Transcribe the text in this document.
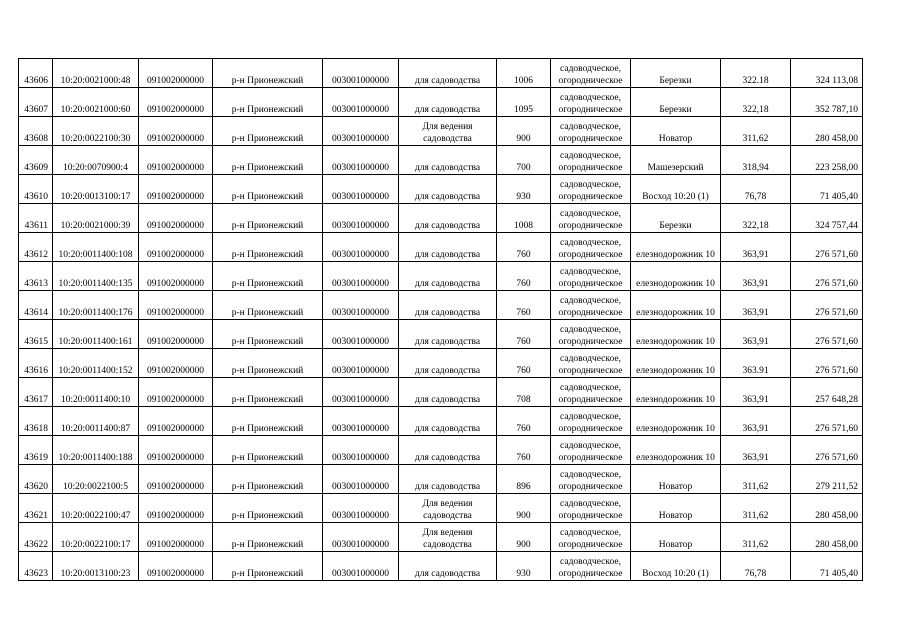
43606	10:20:0021000:48	091002000000	р-н Прионежский	003001000000	для садоводства	1006	садоводческое,
огородническое	Березки	322.18	324 113,08
43607	10:20:0021000:60	091002000000	р-н Прионежский	003001000000	для садоводства	1095	садоводческое,
огородническое	Березки	322,18	352 787,10
43608	10:20:0022100:30	091002000000	р-н Прионежский	003001000000	Для ведения садоводства	900	садоводческое,
огородническое	Новатор	311,62	280 458,00
43609	10:20:0070900:4	091002000000	р-н Прионежский	003001000000	для садоводства	700	садоводческое,
огородническое	Машезерский	318,94	223 258,00
43610	10:20:0013100:17	091002000000	р-н Прионежский	003001000000	для садоводства	930	садоводческое,
огородническое	Восход 10:20 (1)	76,78	71 405,40
43611	10:20:0021000:39	091002000000	р-н Прионежский	003001000000	для садоводства	1008	садоводческое,
огородническое	Березки	322,18	324 757,44
43612	10:20:0011400:108	091002000000	р-н Прионежский	003001000000	для садоводства	760	садоводческое,
огородническое	елезнодорожник 10	363,91	276 571,60
43613	10:20:0011400:135	091002000000	р-н Прионежский	003001000000	для садоводства	760	садоводческое,
огородническое	елезнодорожник 10	363,91	276 571,60
43614	10:20:0011400:176	091002000000	р-н Прионежский	003001000000	для садоводства	760	садоводческое,
огородническое	елезнодорожник 10	363,91	276 571,60
43615	10:20:0011400:161	091002000000	р-н Прионежский	003001000000	для садоводства	760	садоводческое,
огородническое	елезнодорожник 10	363,91	276 571,60
43616	10:20:0011400:152	091002000000	р-н Прионежский	003001000000	для садоводства	760	садоводческое,
огородническое	елезнодорожник 10	363.91	276 571,60
43617	10:20:0011400:10	091002000000	р-н Прионежский	003001000000	для садоводства	708	садоводческое,
огородническое	елезнодорожник 10	363,91	257 648,28
43618	10:20:0011400:87	091002000000	р-н Прионежский	003001000000	для садоводства	760	садоводческое,
огородническое	елезнодорожник 10	363,91	276 571,60
43619	10:20:0011400:188	091002000000	р-н Прионежский	003001000000	для садоводства	760	садоводческое,
огородническое	елезнодорожник 10	363,91	276 571,60
43620	10:20:0022100:5	091002000000	р-н Прионежский	003001000000	для садоводства	896	садоводческое,
огородническое	Новатор	311,62	279 211,52
43621	10:20:0022100:47	091002000000	р-н Прионежский	003001000000	Для ведения садоводства	900	садоводческое,
огородническое	Новатор	311,62	280 458,00
43622	10:20:0022100:17	091002000000	р-н Прионежский	003001000000	Для ведения садоводства	900	садоводческое,
огородническое	Новатор	311,62	280 458,00
43623	10:20:0013100:23	091002000000	р-н Прионежский	003001000000	для садоводства	930	садоводческое,
огородническое	Восход 10:20 (1)	76,78	71 405,40
